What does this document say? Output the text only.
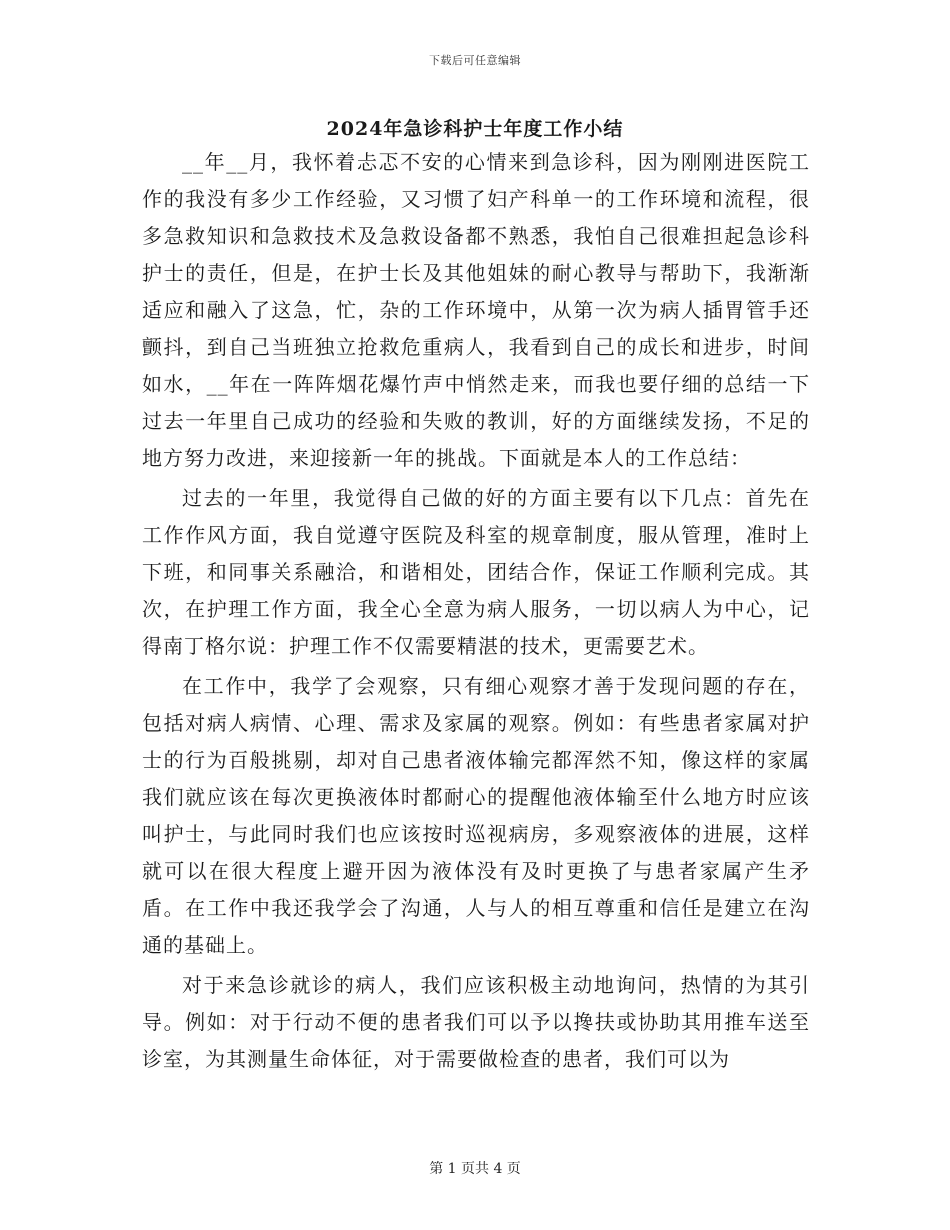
下载后可任意编辑
2024年急诊科护士年度工作小结

__年__月，我怀着忐忑不安的心情来到急诊科，因为刚刚进医院工作的我没有多少工作经验，又习惯了妇产科单一的工作环境和流程，很多急救知识和急救技术及急救设备都不熟悉，我怕自己很难担起急诊科护士的责任，但是，在护士长及其他姐妹的耐心教导与帮助下，我渐渐适应和融入了这急，忙，杂的工作环境中，从第一次为病人插胃管手还颤抖，到自己当班独立抢救危重病人，我看到自己的成长和进步，时间如水，__年在一阵阵烟花爆竹声中悄然走来，而我也要仔细的总结一下过去一年里自己成功的经验和失败的教训，好的方面继续发扬，不足的地方努力改进，来迎接新一年的挑战。下面就是本人的工作总结：

过去的一年里，我觉得自己做的好的方面主要有以下几点：首先在工作作风方面，我自觉遵守医院及科室的规章制度，服从管理，准时上下班，和同事关系融洽，和谐相处，团结合作，保证工作顺利完成。其次，在护理工作方面，我全心全意为病人服务，一切以病人为中心，记得南丁格尔说：护理工作不仅需要精湛的技术，更需要艺术。

在工作中，我学了会观察，只有细心观察才善于发现问题的存在，包括对病人病情、心理、需求及家属的观察。例如：有些患者家属对护士的行为百般挑剔，却对自己患者液体输完都浑然不知，像这样的家属我们就应该在每次更换液体时都耐心的提醒他液体输至什么地方时应该叫护士，与此同时我们也应该按时巡视病房，多观察液体的进展，这样就可以在很大程度上避开因为液体没有及时更换了与患者家属产生矛盾。在工作中我还我学会了沟通，人与人的相互尊重和信任是建立在沟通的基础上。

对于来急诊就诊的病人，我们应该积极主动地询问，热情的为其引导。例如：对于行动不便的患者我们可以予以搀扶或协助其用推车送至诊室，为其测量生命体征，对于需要做检查的患者，我们可以为

第 1 页共 4 页
